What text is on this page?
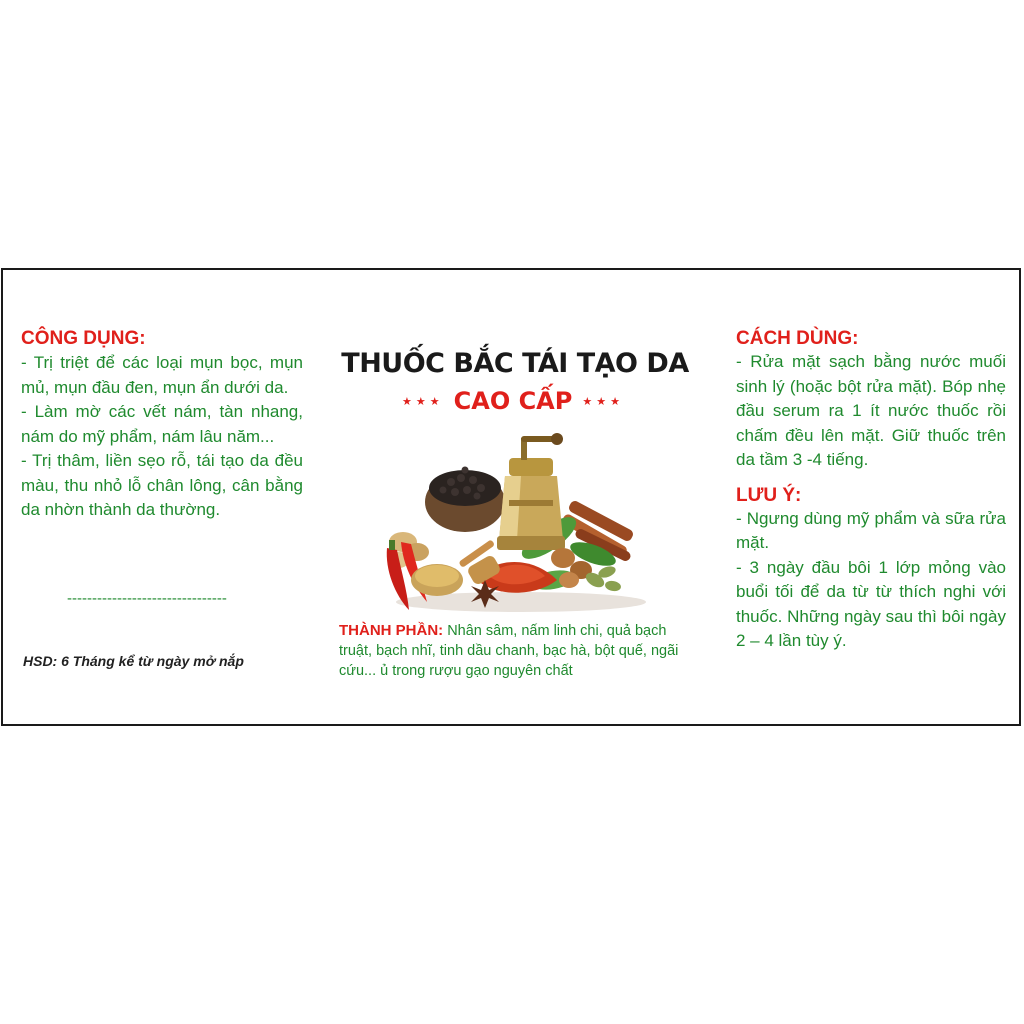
CÔNG DỤNG:

- Trị triệt để các loại mụn bọc, mụn mủ, mụn đầu đen, mụn ẩn dưới da.

- Làm mờ các vết nám, tàn nhang, nám do mỹ phẩm, nám lâu năm...

- Trị thâm, liền sẹo rỗ, tái tạo da đều màu, thu nhỏ lỗ chân lông, cân bằng da nhờn thành da thường.

--------------------------------
HSD: 6 Tháng kể từ ngày mở nắp
THUỐC BẮC TÁI TẠO DA
★★★ CAO CẤP ★★★
THÀNH PHẦN: Nhân sâm, nấm linh chi, quả bạch truật, bạch nhĩ, tinh dầu chanh, bạc hà, bột quế, ngãi cứu... ủ trong rượu gạo nguyên chất
CÁCH DÙNG:

- Rửa mặt sạch bằng nước muối sinh lý (hoặc bột rửa mặt). Bóp nhẹ đầu serum ra 1 ít nước thuốc rồi chấm đều lên mặt. Giữ thuốc trên da tầm 3 -4 tiếng.

LƯU Ý:

- Ngưng dùng mỹ phẩm và sữa rửa mặt.

- 3 ngày đầu bôi 1 lớp mỏng vào buổi tối để da từ từ thích nghi với thuốc. Những ngày sau thì bôi ngày 2 – 4 lần tùy ý.
